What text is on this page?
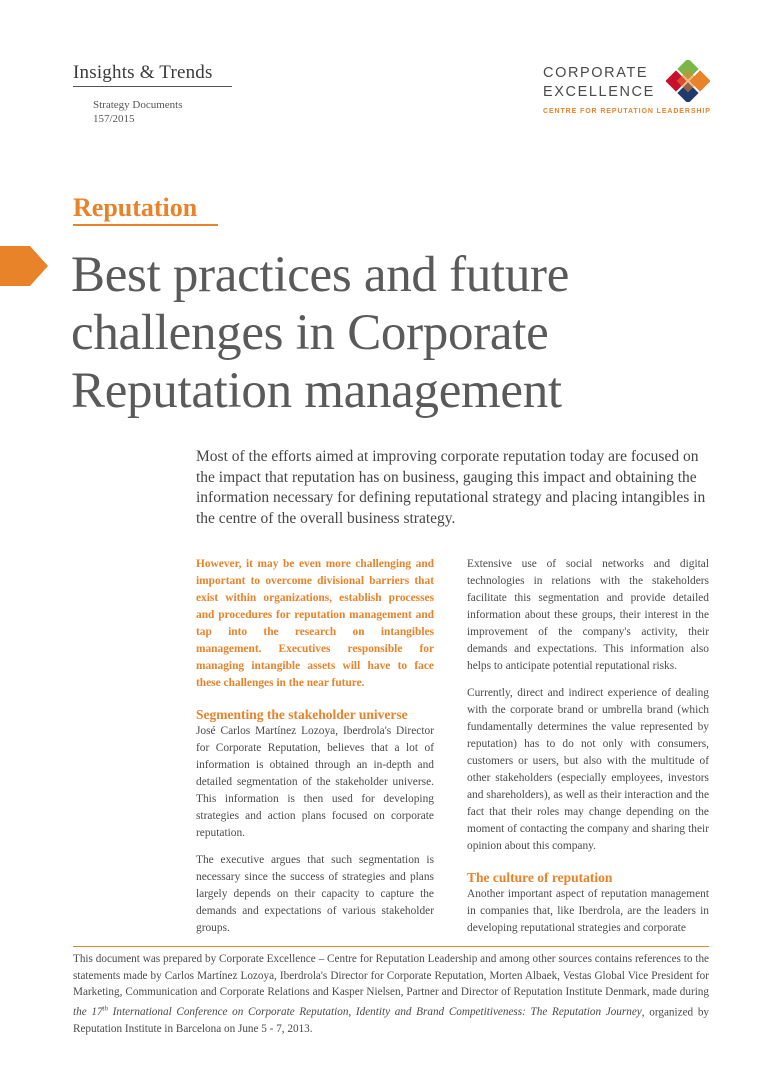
Insights & Trends
Strategy Documents
157/2015
CORPORATE
EXCELLENCE
CENTRE FOR REPUTATION LEADERSHIP
Reputation
Best practices and future challenges in Corporate Reputation management

Most of the efforts aimed at improving corporate reputation today are focused on the impact that reputation has on business, gauging this impact and obtaining the information necessary for defining reputational strategy and placing intangibles in the centre of the overall business strategy.

However, it may be even more challenging and important to overcome divisional barriers that exist within organizations, establish processes and procedures for reputation management and tap into the research on intangibles management. Executives responsible for managing intangible assets will have to face these challenges in the near future.

Segmenting the stakeholder universe

José Carlos Martínez Lozoya, Iberdrola's Director for Corporate Reputation, believes that a lot of information is obtained through an in-depth and detailed segmentation of the stakeholder universe. This information is then used for developing strategies and action plans focused on corporate reputation.

The executive argues that such segmentation is necessary since the success of strategies and plans largely depends on their capacity to capture the demands and expectations of various stakeholder groups.

Extensive use of social networks and digital technologies in relations with the stakeholders facilitate this segmentation and provide detailed information about these groups, their interest in the improvement of the company's activity, their demands and expectations. This information also helps to anticipate potential reputational risks.

Currently, direct and indirect experience of dealing with the corporate brand or umbrella brand (which fundamentally determines the value represented by reputation) has to do not only with consumers, customers or users, but also with the multitude of other stakeholders (especially employees, investors and shareholders), as well as their interaction and the fact that their roles may change depending on the moment of contacting the company and sharing their opinion about this company.

The culture of reputation

Another important aspect of reputation management in companies that, like Iberdrola, are the leaders in developing reputational strategies and corporate

This document was prepared by Corporate Excellence – Centre for Reputation Leadership and among other sources contains references to the statements made by Carlos Martínez Lozoya, Iberdrola's Director for Corporate Reputation, Morten Albaek, Vestas Global Vice President for Marketing, Communication and Corporate Relations and Kasper Nielsen, Partner and Director of Reputation Institute Denmark, made during the 17th International Conference on Corporate Reputation, Identity and Brand Competitiveness: The Reputation Journey, organized by Reputation Institute in Barcelona on June 5 - 7, 2013.
